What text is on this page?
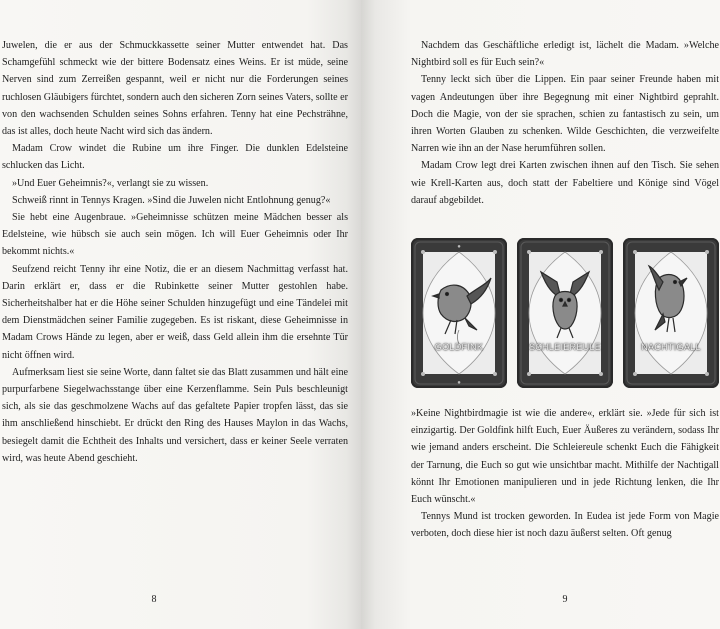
Juwelen, die er aus der Schmuckkassette seiner Mutter entwendet hat. Das Schamgefühl schmeckt wie der bittere Bodensatz eines Weins. Er ist müde, seine Nerven sind zum Zerreißen gespannt, weil er nicht nur die Forderungen seines ruchlosen Gläubigers fürchtet, sondern auch den sicheren Zorn seines Vaters, sollte er von den wachsenden Schulden seines Sohns erfahren. Tenny hat eine Pechsträhne, das ist alles, doch heute Nacht wird sich das ändern.

Madam Crow windet die Rubine um ihre Finger. Die dunklen Edelsteine schlucken das Licht.

»Und Euer Geheimnis?«, verlangt sie zu wissen.

Schweiß rinnt in Tennys Kragen. »Sind die Juwelen nicht Entlohnung genug?«

Sie hebt eine Augenbraue. »Geheimnisse schützen meine Mädchen besser als Edelsteine, wie hübsch sie auch sein mögen. Ich will Euer Geheimnis oder Ihr bekommt nichts.«

Seufzend reicht Tenny ihr eine Notiz, die er an diesem Nachmittag verfasst hat. Darin erklärt er, dass er die Rubinkette seiner Mutter gestohlen habe. Sicherheitshalber hat er die Höhe seiner Schulden hinzugefügt und eine Tändelei mit dem Dienstmädchen seiner Familie zugegeben. Es ist riskant, diese Geheimnisse in Madam Crows Hände zu legen, aber er weiß, dass Geld allein ihm die ersehnte Tür nicht öffnen wird.

Aufmerksam liest sie seine Worte, dann faltet sie das Blatt zusammen und hält eine purpurfarbene Siegelwachsstange über eine Kerzenflamme. Sein Puls beschleunigt sich, als sie das geschmolzene Wachs auf das gefaltete Papier tropfen lässt, das sie ihm anschließend hinschiebt. Er drückt den Ring des Hauses Maylon in das Wachs, besiegelt damit die Echtheit des Inhalts und versichert, dass er keiner Seele verraten wird, was heute Abend geschieht.

8

Nachdem das Geschäftliche erledigt ist, lächelt die Madam. »Welche Nightbird soll es für Euch sein?«

Tenny leckt sich über die Lippen. Ein paar seiner Freunde haben mit vagen Andeutungen über ihre Begegnung mit einer Nightbird geprahlt. Doch die Magie, von der sie sprachen, schien zu fantastisch zu sein, um ihren Worten Glauben zu schenken. Wilde Geschichten, die verzweifelte Narren wie ihn an der Nase herumführen sollen.

Madam Crow legt drei Karten zwischen ihnen auf den Tisch. Sie sehen wie Krell-Karten aus, doch statt der Fabeltiere und Könige sind Vögel darauf abgebildet.

●
●
GOLDFINK	SCHLEIEREULE	NACHTIGALL

»Keine Nightbirdmagie ist wie die andere«, erklärt sie. »Jede für sich ist einzigartig. Der Goldfink hilft Euch, Euer Äußeres zu verändern, sodass Ihr wie jemand anders erscheint. Die Schleiereule schenkt Euch die Fähigkeit der Tarnung, die Euch so gut wie unsichtbar macht. Mithilfe der Nachtigall könnt Ihr Emotionen manipulieren und in jede Richtung lenken, die Ihr Euch wünscht.«

Tennys Mund ist trocken geworden. In Eudea ist jede Form von Magie verboten, doch diese hier ist noch dazu äußerst selten. Oft genug

9
